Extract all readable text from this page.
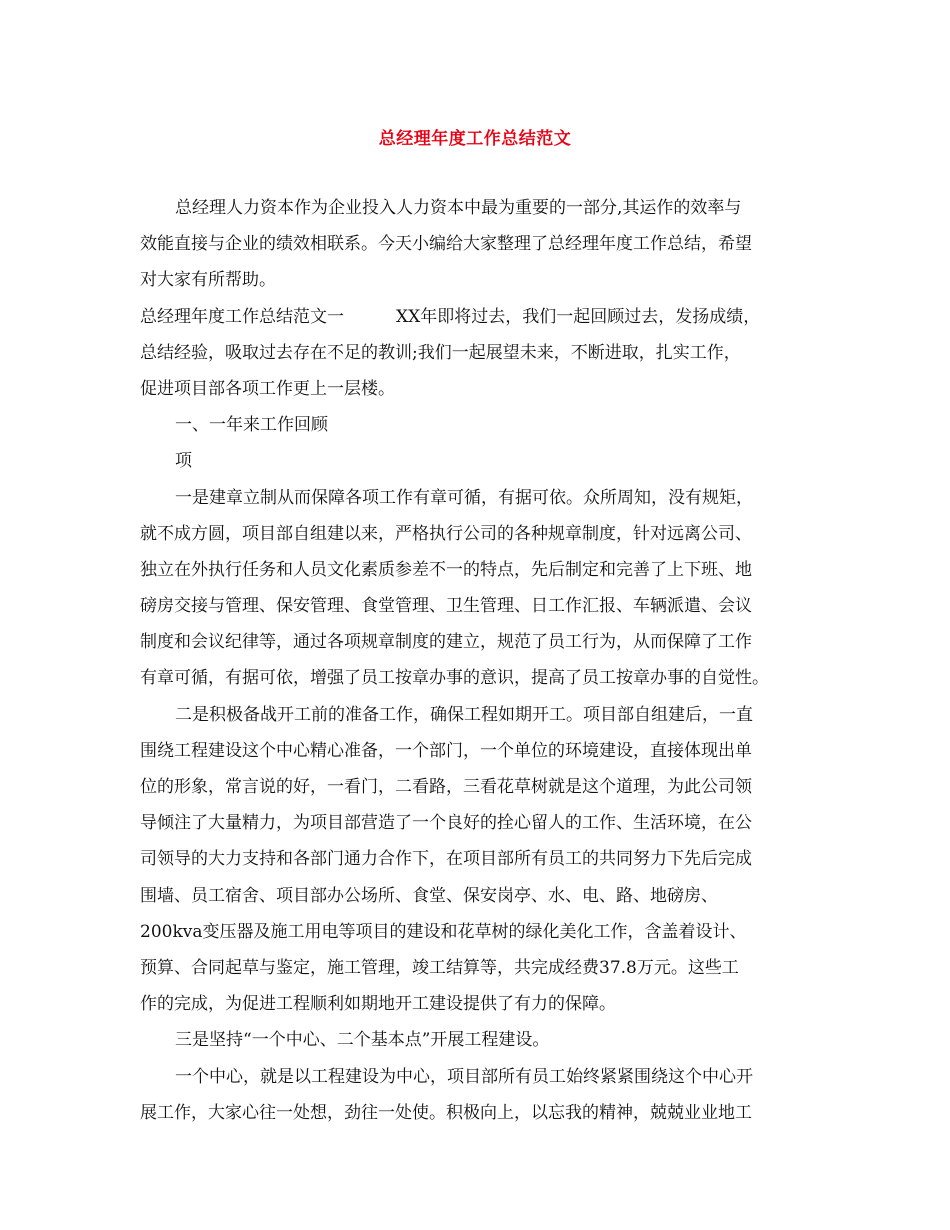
总经理年度工作总结范文
总经理人力资本作为企业投入人力资本中最为重要的一部分,其运作的效率与
效能直接与企业的绩效相联系。今天小编给大家整理了总经理年度工作总结，希望
对大家有所帮助。
总经理年度工作总结范文一	XX年即将过去，我们一起回顾过去，发扬成绩，
总结经验，吸取过去存在不足的教训;我们一起展望未来，不断进取，扎实工作，
促进项目部各项工作更上一层楼。
一、一年来工作回顾
项
一是建章立制从而保障各项工作有章可循，有据可依。众所周知，没有规矩，
就不成方圆，项目部自组建以来，严格执行公司的各种规章制度，针对远离公司、
独立在外执行任务和人员文化素质参差不一的特点，先后制定和完善了上下班、地
磅房交接与管理、保安管理、食堂管理、卫生管理、日工作汇报、车辆派遣、会议
制度和会议纪律等，通过各项规章制度的建立，规范了员工行为，从而保障了工作
有章可循，有据可依，增强了员工按章办事的意识，提高了员工按章办事的自觉性。
二是积极备战开工前的准备工作，确保工程如期开工。项目部自组建后，一直
围绕工程建设这个中心精心准备，一个部门，一个单位的环境建设，直接体现出单
位的形象，常言说的好，一看门，二看路，三看花草树就是这个道理，为此公司领
导倾注了大量精力，为项目部营造了一个良好的拴心留人的工作、生活环境，在公
司领导的大力支持和各部门通力合作下，在项目部所有员工的共同努力下先后完成
围墙、员工宿舍、项目部办公场所、食堂、保安岗亭、水、电、路、地磅房、
200kva变压器及施工用电等项目的建设和花草树的绿化美化工作，含盖着设计、
预算、合同起草与鉴定，施工管理，竣工结算等，共完成经费37.8万元。这些工
作的完成，为促进工程顺利如期地开工建设提供了有力的保障。
三是坚持“一个中心、二个基本点”开展工程建设。
一个中心，就是以工程建设为中心，项目部所有员工始终紧紧围绕这个中心开
展工作，大家心往一处想，劲往一处使。积极向上，以忘我的精神，兢兢业业地工
